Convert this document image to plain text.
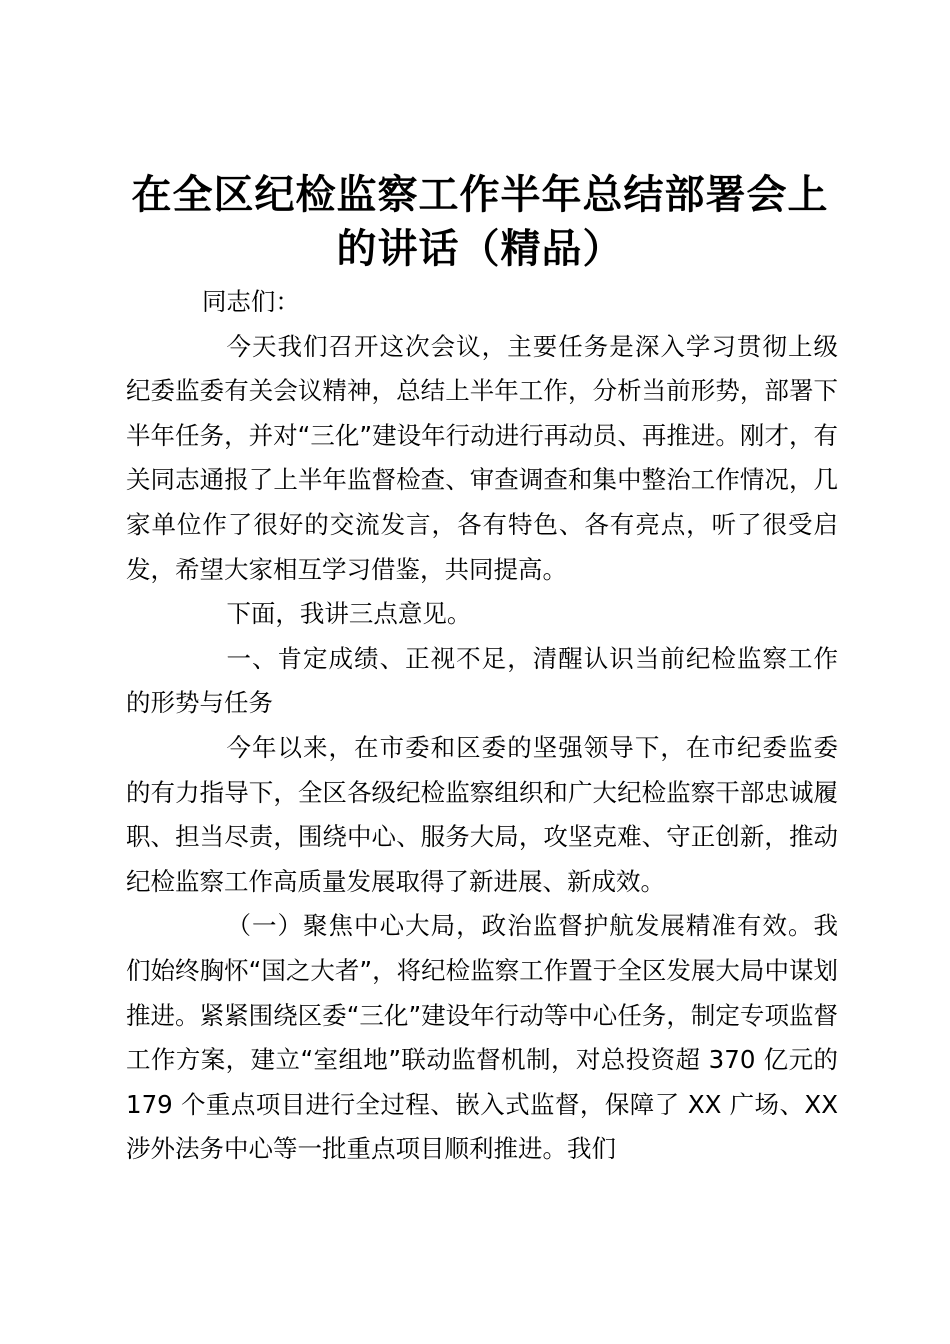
在全区纪检监察工作半年总结部署会上的讲话（精品）

同志们：

今天我们召开这次会议，主要任务是深入学习贯彻上级纪委监委有关会议精神，总结上半年工作，分析当前形势，部署下半年任务，并对“三化”建设年行动进行再动员、再推进。刚才，有关同志通报了上半年监督检查、审查调查和集中整治工作情况，几家单位作了很好的交流发言，各有特色、各有亮点，听了很受启发，希望大家相互学习借鉴，共同提高。

下面，我讲三点意见。

一、肯定成绩、正视不足，清醒认识当前纪检监察工作的形势与任务

今年以来，在市委和区委的坚强领导下，在市纪委监委的有力指导下，全区各级纪检监察组织和广大纪检监察干部忠诚履职、担当尽责，围绕中心、服务大局，攻坚克难、守正创新，推动纪检监察工作高质量发展取得了新进展、新成效。

（一）聚焦中心大局，政治监督护航发展精准有效。我们始终胸怀“国之大者”，将纪检监察工作置于全区发展大局中谋划推进。紧紧围绕区委“三化”建设年行动等中心任务，制定专项监督工作方案，建立“室组地”联动监督机制，对总投资超 370 亿元的 179 个重点项目进行全过程、嵌入式监督，保障了 XX 广场、XX 涉外法务中心等一批重点项目顺利推进。我们
